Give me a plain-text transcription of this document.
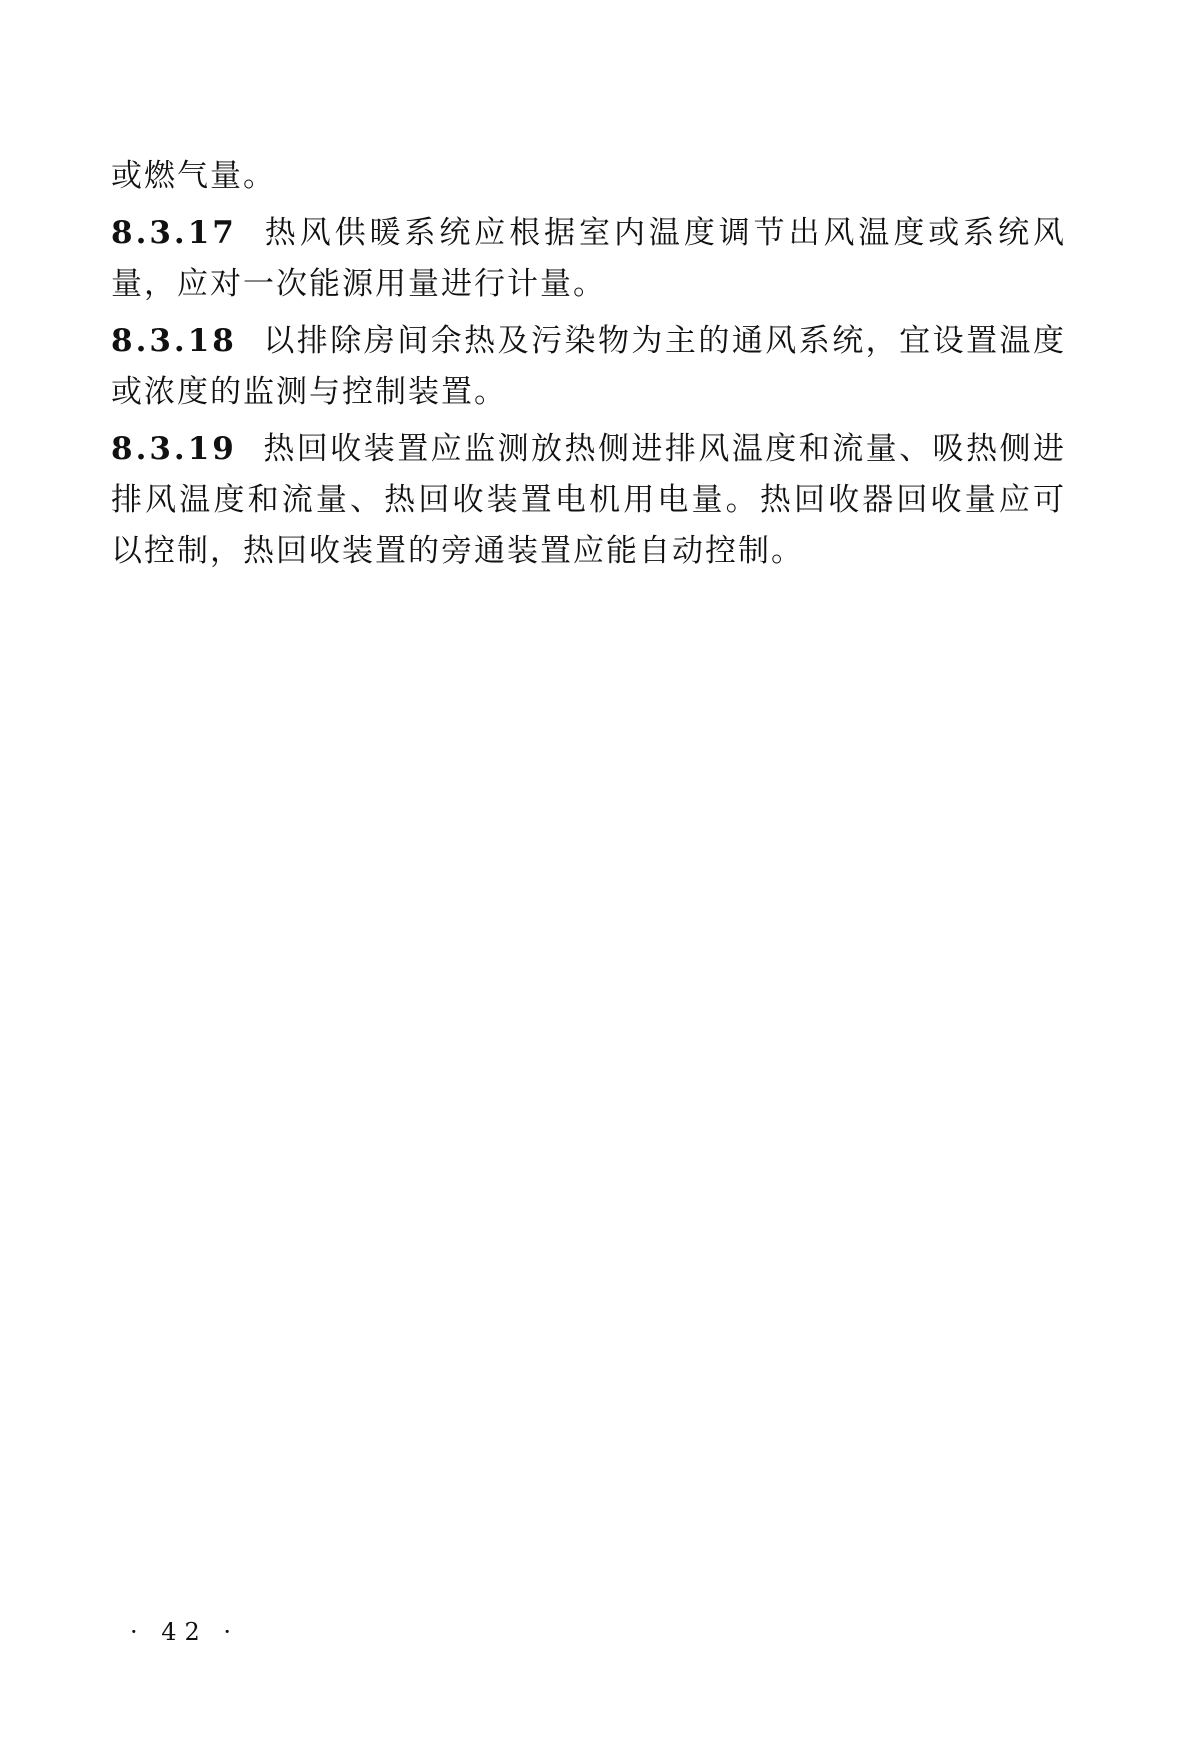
或燃气量。

8.3.17 热风供暖系统应根据室内温度调节出风温度或系统风量，应对一次能源用量进行计量。

8.3.18 以排除房间余热及污染物为主的通风系统，宜设置温度或浓度的监测与控制装置。

8.3.19 热回收装置应监测放热侧进排风温度和流量、吸热侧进排风温度和流量、热回收装置电机用电量。热回收器回收量应可以控制，热回收装置的旁通装置应能自动控制。

· 42 ·
